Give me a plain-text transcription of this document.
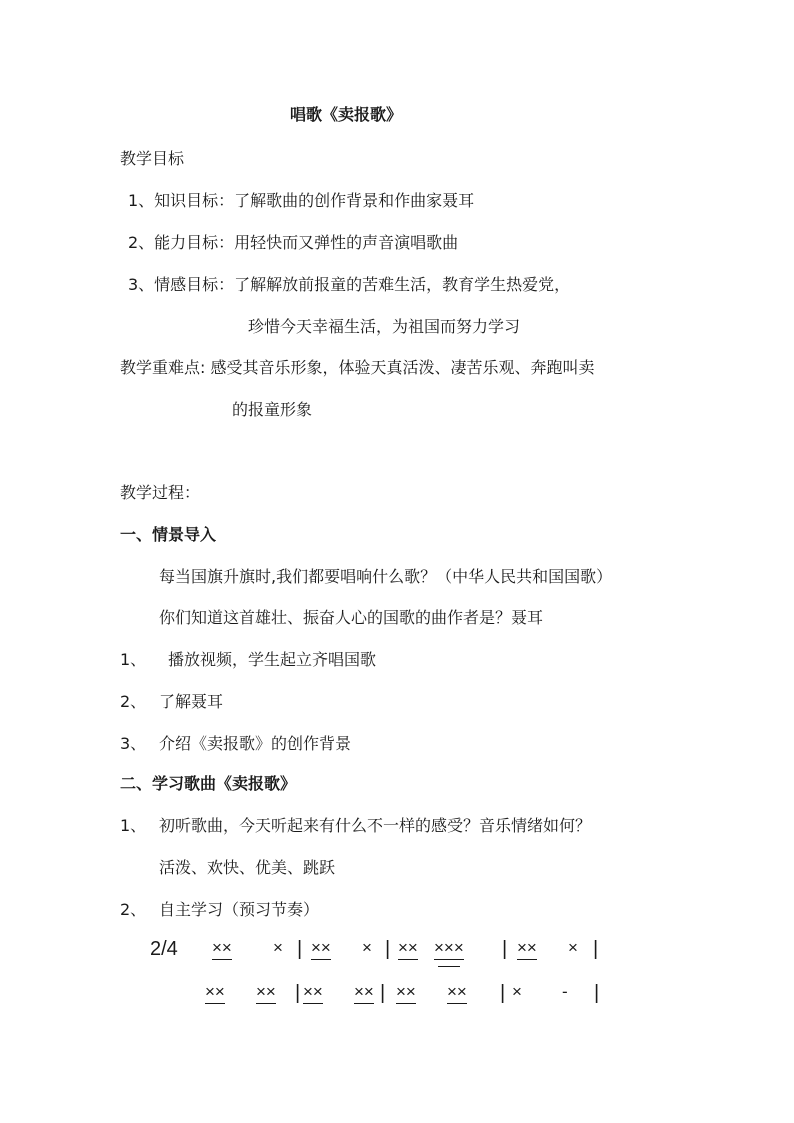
唱歌《卖报歌》
教学目标
1、知识目标：了解歌曲的创作背景和作曲家聂耳
2、能力目标：用轻快而又弹性的声音演唱歌曲
3、情感目标：了解解放前报童的苦难生活，教育学生热爱党，
珍惜今天幸福生活，为祖国而努力学习
教学重难点: 感受其音乐形象，体验天真活泼、凄苦乐观、奔跑叫卖
的报童形象
教学过程：
一、情景导入
每当国旗升旗时,我们都要唱响什么歌？（中华人民共和国国歌）
你们知道这首雄壮、振奋人心的国歌的曲作者是？聂耳
1、 播放视频，学生起立齐唱国歌
2、 了解聂耳
3、 介绍《卖报歌》的创作背景
二、学习歌曲《卖报歌》
1、 初听歌曲，今天听起来有什么不一样的感受？音乐情绪如何？
活泼、欢快、优美、跳跃
2、 自主学习（预习节奏）
2/4 ×× × | ×× × | ×× ××× | ×× × |
×× ×× | ×× ×× | ×× ×× | × - |
